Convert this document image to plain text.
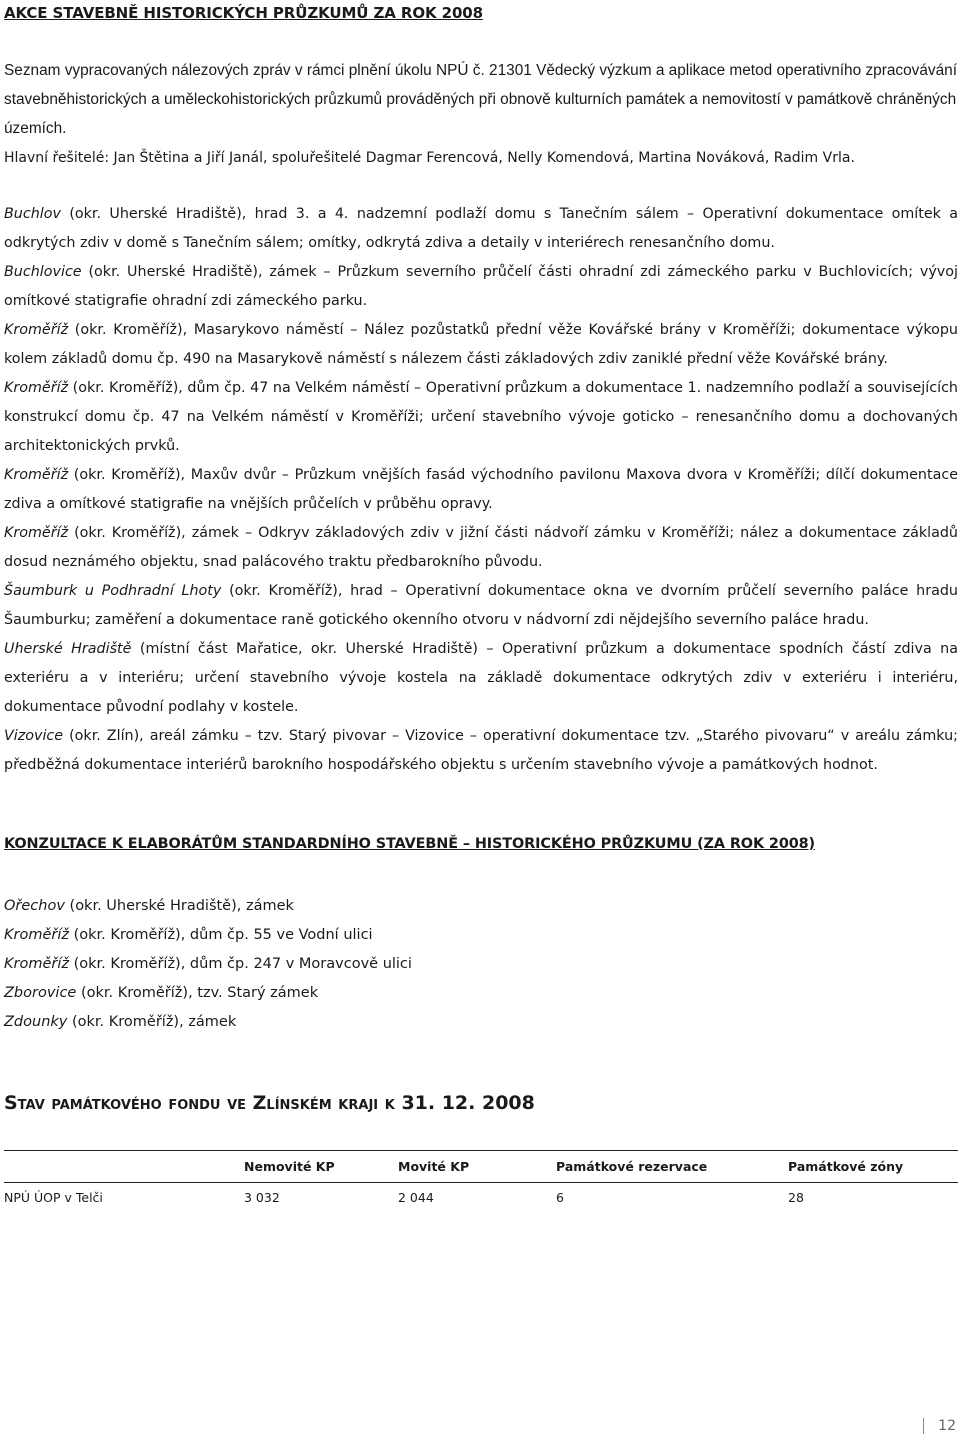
AKCE STAVEBNĚ HISTORICKÝCH PRŮZKUMŮ ZA ROK 2008

Seznam vypracovaných nálezových zpráv v rámci plnění úkolu NPÚ č. 21301 Vědecký výzkum a aplikace metod operativního zpracovávání stavebněhistorických a uměleckohistorických průzkumů prováděných při obnově kulturních památek a nemovitostí v památkově chráněných územích.

Hlavní řešitelé: Jan Štětina a Jiří Janál, spoluřešitelé Dagmar Ferencová, Nelly Komendová, Martina Nováková, Radim Vrla.

Buchlov (okr. Uherské Hradiště), hrad 3. a 4. nadzemní podlaží domu s Tanečním sálem – Operativní dokumentace omítek a odkrytých zdiv v domě s Tanečním sálem; omítky, odkrytá zdiva a detaily v interiérech renesančního domu.

Buchlovice (okr. Uherské Hradiště), zámek – Průzkum severního průčelí části ohradní zdi zámeckého parku v Buchlovicích; vývoj omítkové statigrafie ohradní zdi zámeckého parku.

Kroměříž (okr. Kroměříž), Masarykovo náměstí – Nález pozůstatků přední věže Kovářské brány v Kroměříži; dokumentace výkopu kolem základů domu čp. 490 na Masarykově náměstí s nálezem části základových zdiv zaniklé přední věže Kovářské brány.

Kroměříž (okr. Kroměříž), dům čp. 47 na Velkém náměstí – Operativní průzkum a dokumentace 1. nadzemního podlaží a souvisejících konstrukcí domu čp. 47 na Velkém náměstí v Kroměříži; určení stavebního vývoje goticko – renesančního domu a dochovaných architektonických prvků.

Kroměříž (okr. Kroměříž), Maxův dvůr – Průzkum vnějších fasád východního pavilonu Maxova dvora v Kroměříži; dílčí dokumentace zdiva a omítkové statigrafie na vnějších průčelích v průběhu opravy.

Kroměříž (okr. Kroměříž), zámek – Odkryv základových zdiv v jižní části nádvoří zámku v Kroměříži; nález a dokumentace základů dosud neznámého objektu, snad palácového traktu předbarokního původu.

Šaumburk u Podhradní Lhoty (okr. Kroměříž), hrad – Operativní dokumentace okna ve dvorním průčelí severního paláce hradu Šaumburku; zaměření a dokumentace raně gotického okenního otvoru v nádvorní zdi nějdejšího severního paláce hradu.

Uherské Hradiště (místní část Mařatice, okr. Uherské Hradiště) – Operativní průzkum a dokumentace spodních částí zdiva na exteriéru a v interiéru; určení stavebního vývoje kostela na základě dokumentace odkrytých zdiv v exteriéru i interiéru, dokumentace původní podlahy v kostele.

Vizovice (okr. Zlín), areál zámku – tzv. Starý pivovar – Vizovice – operativní dokumentace tzv. „Starého pivovaru“ v areálu zámku; předběžná dokumentace interiérů barokního hospodářského objektu s určením stavebního vývoje a památkových hodnot.

KONZULTACE K ELABORÁTŮM STANDARDNÍHO STAVEBNĚ – HISTORICKÉHO PRŮZKUMU (ZA ROK 2008)
Ořechov (okr. Uherské Hradiště), zámek
Kroměříž (okr. Kroměříž), dům čp. 55 ve Vodní ulici
Kroměříž (okr. Kroměříž), dům čp. 247 v Moravcově ulici
Zborovice (okr. Kroměříž), tzv. Starý zámek
Zdounky (okr. Kroměříž), zámek
Stav památkového fondu ve Zlínském kraji k 31. 12. 2008
	Nemovité KP	Movité KP	Památkové rezervace	Památkové zóny
NPÚ ÚOP v Telči	3 032	2 044	6	28
12
